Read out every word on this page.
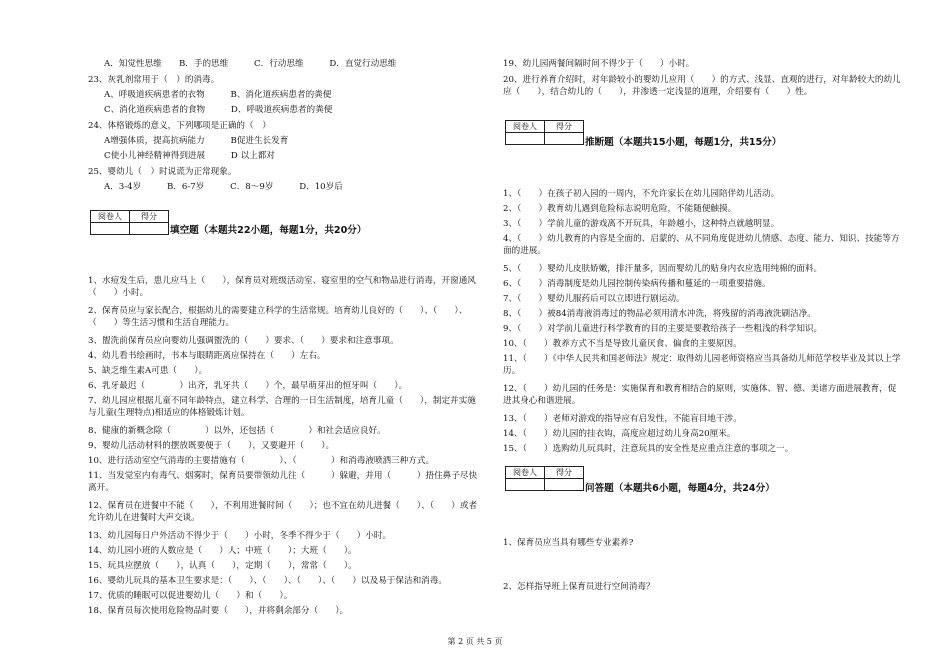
A．知觉性思维　　B．手的思维　　　C．行动思维　　　D．直觉行动思维
23、灰乳剂常用于（　）的消毒。
A、呼吸道疾病患者的衣物　　　B、消化道疾病患者的粪便
C、消化道疾病患者的食物　　　D、呼吸道疾病患者的粪便
24、体格锻炼的意义，下列哪项是正确的（　）
A增强体质，提高抗病能力　　　B促进生长发育
C使小儿神经精神得到进展　　　D 以上都对
25、婴幼儿（　）时说谎为正常现象。
A．3-4岁　　　B．6-7岁　　　C．8～9岁　　　D．10岁后
阅卷人	得分

填空题（本题共22小题，每题1分，共20分）
1、水痘发生后，患儿应马上（　　），保育员对班级活动室、寝室里的空气和物品进行消毒，开窗通风（　　）小时。
2、保育员应与家长配合，根据幼儿的需要建立科学的生活常规。培育幼儿良好的（　　）、（　　）、（　　）等生活习惯和生活自理能力。
3、盥洗前保育员应向婴幼儿强调盥洗的（　　）要求、（　　）要求和注意事项。
4、幼儿看书绘画时，书本与眼睛距离应保持在（　　）左右。
5、缺乏维生素A可患（　　）。
6、乳牙最迟（　　　　）出齐，乳牙共（　　）个，最早萌芽出的恒牙叫（　　）。
7、幼儿园应根据儿童不同年龄特点，建立科学、合理的一日生活制度，培育儿童（　　），制定并实施与儿童(生理特点)相适应的体格锻炼计划。
8、健康的新概念除（　　　　）以外，还包括（　　　　）和社会适应良好。
9、婴幼儿活动材料的摆放既要便于（　　），又要避开（　　）。
10、进行活动室空气消毒的主要措施有（　　　　）、（　　　　）和消毒液喷洒三种方式。
11、当发觉室内有毒气、烟雾时，保育员要带领幼儿往（　　　）躲避，并用（　　　）捂住鼻子尽快离开。
12、保育员在进餐中不能（　　），不利用进餐时间（　　）；也不宜在幼儿进餐（　　）、（　　）或者允许幼儿在进餐时大声交谈。
13、幼儿园每日户外活动不得少于（　　）小时，冬季不得少于（　　）小时。
14、幼儿园小班的人数应是（　　）人；中班（　　）；大班（　　）。
15、玩具应摆放（　　），认真（　　），定期（　　），常常（　　）。
16、婴幼儿玩具的基本卫生要求是：（　　）、（　　）、（　　）、（　　）以及易于保洁和消毒。
17、优质的睡眠可以促进婴幼儿（　　）和（　　）。
18、保育员每次使用危险物品时要（　　），并将剩余部分（　　）。
19、幼儿园两餐间隔时间不得少于（　　）小时。
20、进行养育介绍时，对年龄较小的婴幼儿应用（　　）的方式、浅显、直观的进行，对年龄较大的幼儿应（　　），结合幼儿的（　　），并渗透一定浅显的道理，介绍要有（　　）性。
阅卷人	得分

推断题（本题共15小题，每题1分，共15分）
1、（　　）在孩子初入园的一周内，不允许家长在幼儿园陪伴幼儿活动。
2、（　　）教育幼儿遇到危险标志说明危险，不能随便触摸。
3、（　　）学前儿童的游戏离不开玩具，年龄越小，这种特点就越明显。
4、（　　）幼儿教育的内容是全面的、启蒙的、从不同角度促进幼儿情感、态度、能力、知识、技能等方面的进展。
5、（　　）婴幼儿皮肤娇嫩，排汗量多，因而婴幼儿的贴身内衣应选用纯棉的面料。
6、（　　）消毒制度是幼儿园控制传染病传播和蔓延的一项重要措施。
7、（　　）婴幼儿服药后可以立即进行剧运动。
8、（　　）被84消毒液消毒过的物品必须用清水冲洗，将残留的消毒液洗刷洁净。
9、（　　）对学前儿童进行科学教育的目的主要是要教给孩子一些粗浅的科学知识。
10、（　　）教养方式不当是导致儿童厌食、偏食的主要原因。
11、（　　）《中华人民共和国老师法》规定：取得幼儿园老师资格应当具备幼儿师范学校毕业及其以上学历。
12、（　　）幼儿园的任务是：实施保育和教育相结合的原则，实施体、智、德、美诸方面进展教育，促进其身心和谐进展。
13、（　　）老师对游戏的指导应有启发性，不能盲目地干涉。
14、（　　）幼儿园的挂衣钩，高度应超过幼儿身高20厘米。
15、（　　）选购幼儿玩具时，注意玩具的安全性是应重点注意的事项之一。
阅卷人	得分

问答题（本题共6小题，每题4分，共24分）
1、保育员应当具有哪些专业素养?
2、怎样指导班上保育员进行空间消毒？
第 2 页 共 5 页
